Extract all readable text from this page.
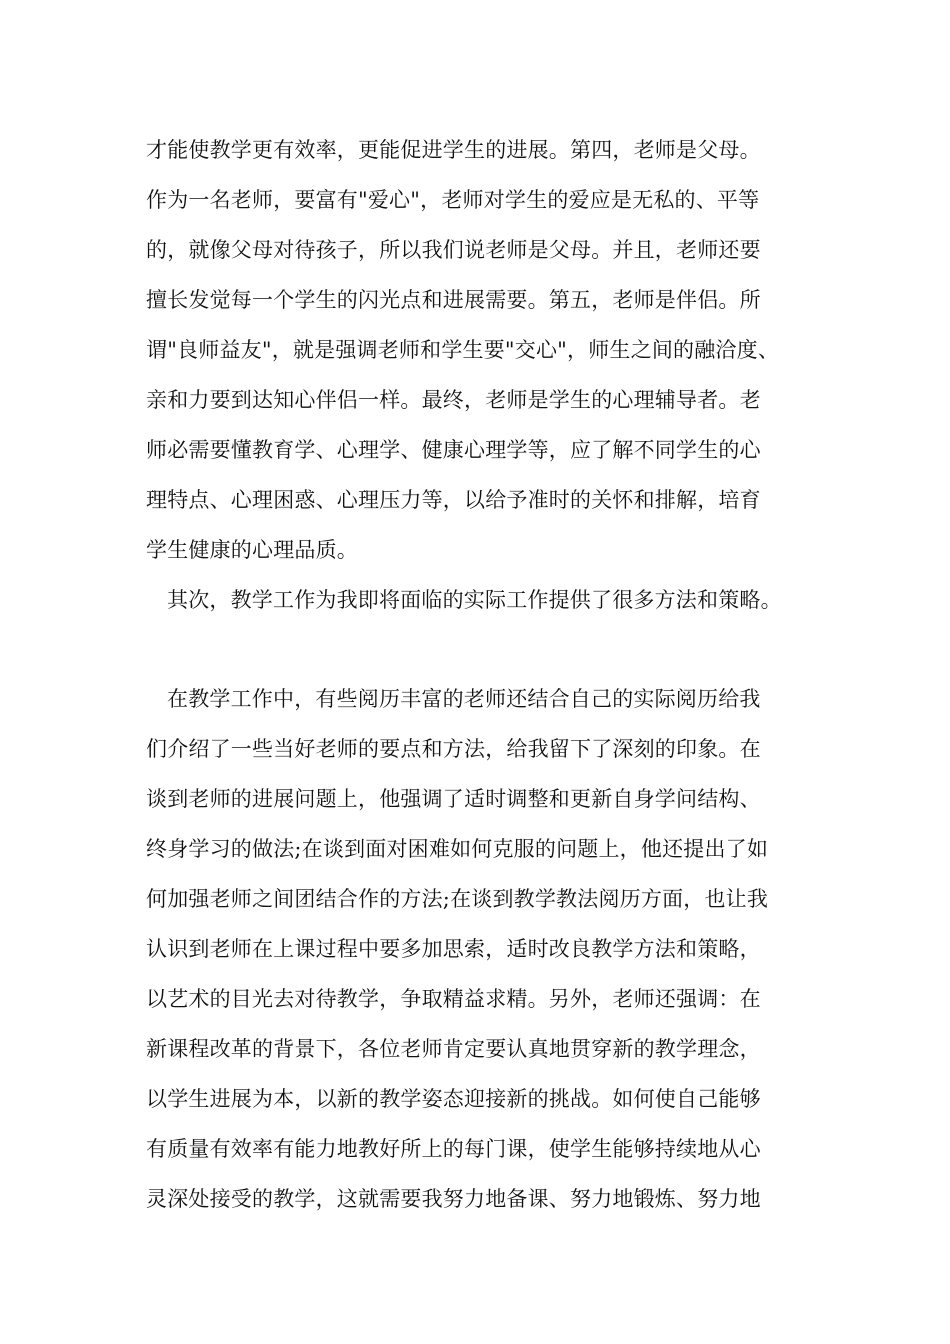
才能使教学更有效率，更能促进学生的进展。第四，老师是父母。
作为一名老师，要富有"爱心"，老师对学生的爱应是无私的、平等
的，就像父母对待孩子，所以我们说老师是父母。并且，老师还要
擅长发觉每一个学生的闪光点和进展需要。第五，老师是伴侣。所
谓"良师益友"，就是强调老师和学生要"交心"，师生之间的融洽度、
亲和力要到达知心伴侣一样。最终，老师是学生的心理辅导者。老
师必需要懂教育学、心理学、健康心理学等，应了解不同学生的心
理特点、心理困惑、心理压力等，以给予准时的关怀和排解，培育
学生健康的心理品质。
其次，教学工作为我即将面临的实际工作提供了很多方法和策略。
在教学工作中，有些阅历丰富的老师还结合自己的实际阅历给我
们介绍了一些当好老师的要点和方法，给我留下了深刻的印象。在
谈到老师的进展问题上，他强调了适时调整和更新自身学问结构、
终身学习的做法;在谈到面对困难如何克服的问题上，他还提出了如
何加强老师之间团结合作的方法;在谈到教学教法阅历方面，也让我
认识到老师在上课过程中要多加思索，适时改良教学方法和策略，
以艺术的目光去对待教学，争取精益求精。另外，老师还强调：在
新课程改革的背景下，各位老师肯定要认真地贯穿新的教学理念，
以学生进展为本，以新的教学姿态迎接新的挑战。如何使自己能够
有质量有效率有能力地教好所上的每门课，使学生能够持续地从心
灵深处接受的教学，这就需要我努力地备课、努力地锻炼、努力地
